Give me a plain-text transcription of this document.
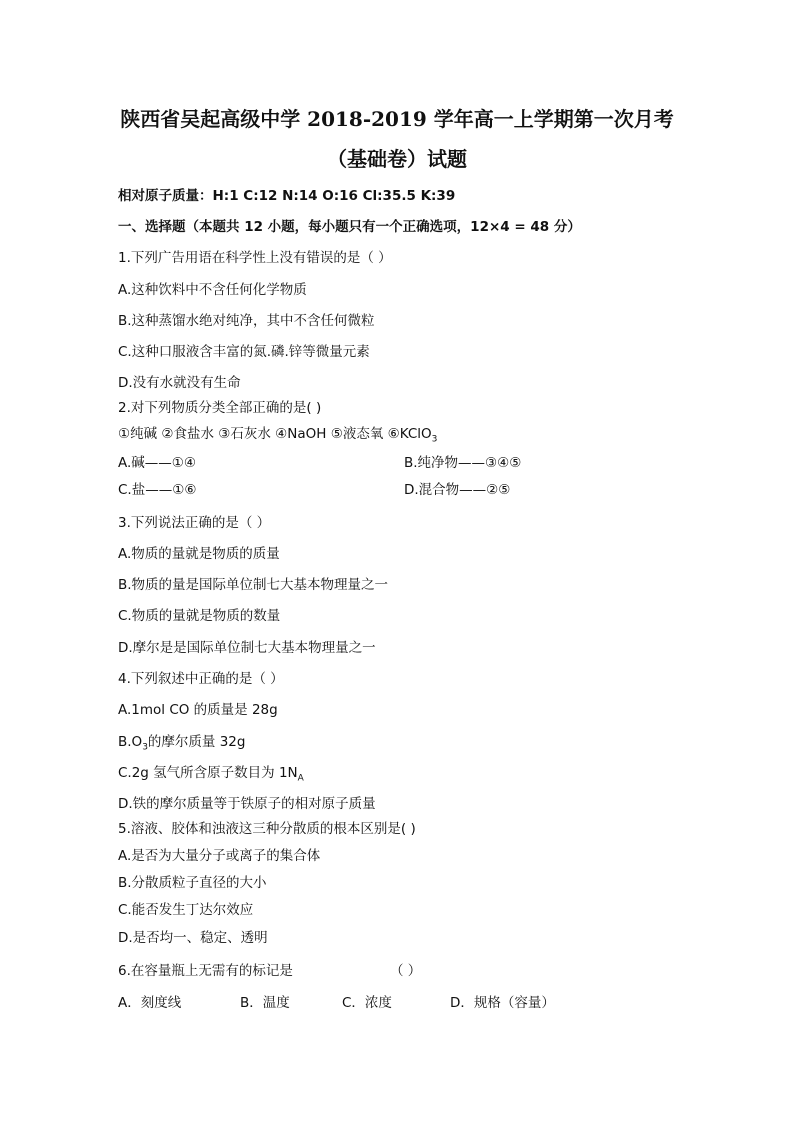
陕西省吴起高级中学 2018-2019 学年高一上学期第一次月考
（基础卷）试题
相对原子质量：H:1 C:12 N:14 O:16 Cl:35.5 K:39
一、选择题（本题共 12 小题，每小题只有一个正确选项，12×4 = 48 分）
1.下列广告用语在科学性上没有错误的是（ ）
A.这种饮料中不含任何化学物质
B.这种蒸馏水绝对纯净，其中不含任何微粒
C.这种口服液含丰富的氮.磷.锌等微量元素
D.没有水就没有生命
2.对下列物质分类全部正确的是( )
①纯碱 ②食盐水 ③石灰水 ④NaOH ⑤液态氧 ⑥KClO$_3$
A.碱——①④	B.纯净物——③④⑤
C.盐——①⑥	D.混合物——②⑤
3.下列说法正确的是（ ）
A.物质的量就是物质的质量
B.物质的量是国际单位制七大基本物理量之一
C.物质的量就是物质的数量
D.摩尔是是国际单位制七大基本物理量之一
4.下列叙述中正确的是（ ）
A.1mol CO 的质量是 28g
$B.O_3$的摩尔质量 32g
C.2g 氢气所含原子数目为 $1N_A$
D.铁的摩尔质量等于铁原子的相对原子质量
5.溶液、胶体和浊液这三种分散质的根本区别是( )
A.是否为大量分子或离子的集合体
B.分散质粒子直径的大小
C.能否发生丁达尔效应
D.是否均一、稳定、透明
6.在容量瓶上无需有的标记是	（ ）
A．刻度线	B．温度	C．浓度	D．规格（容量）
